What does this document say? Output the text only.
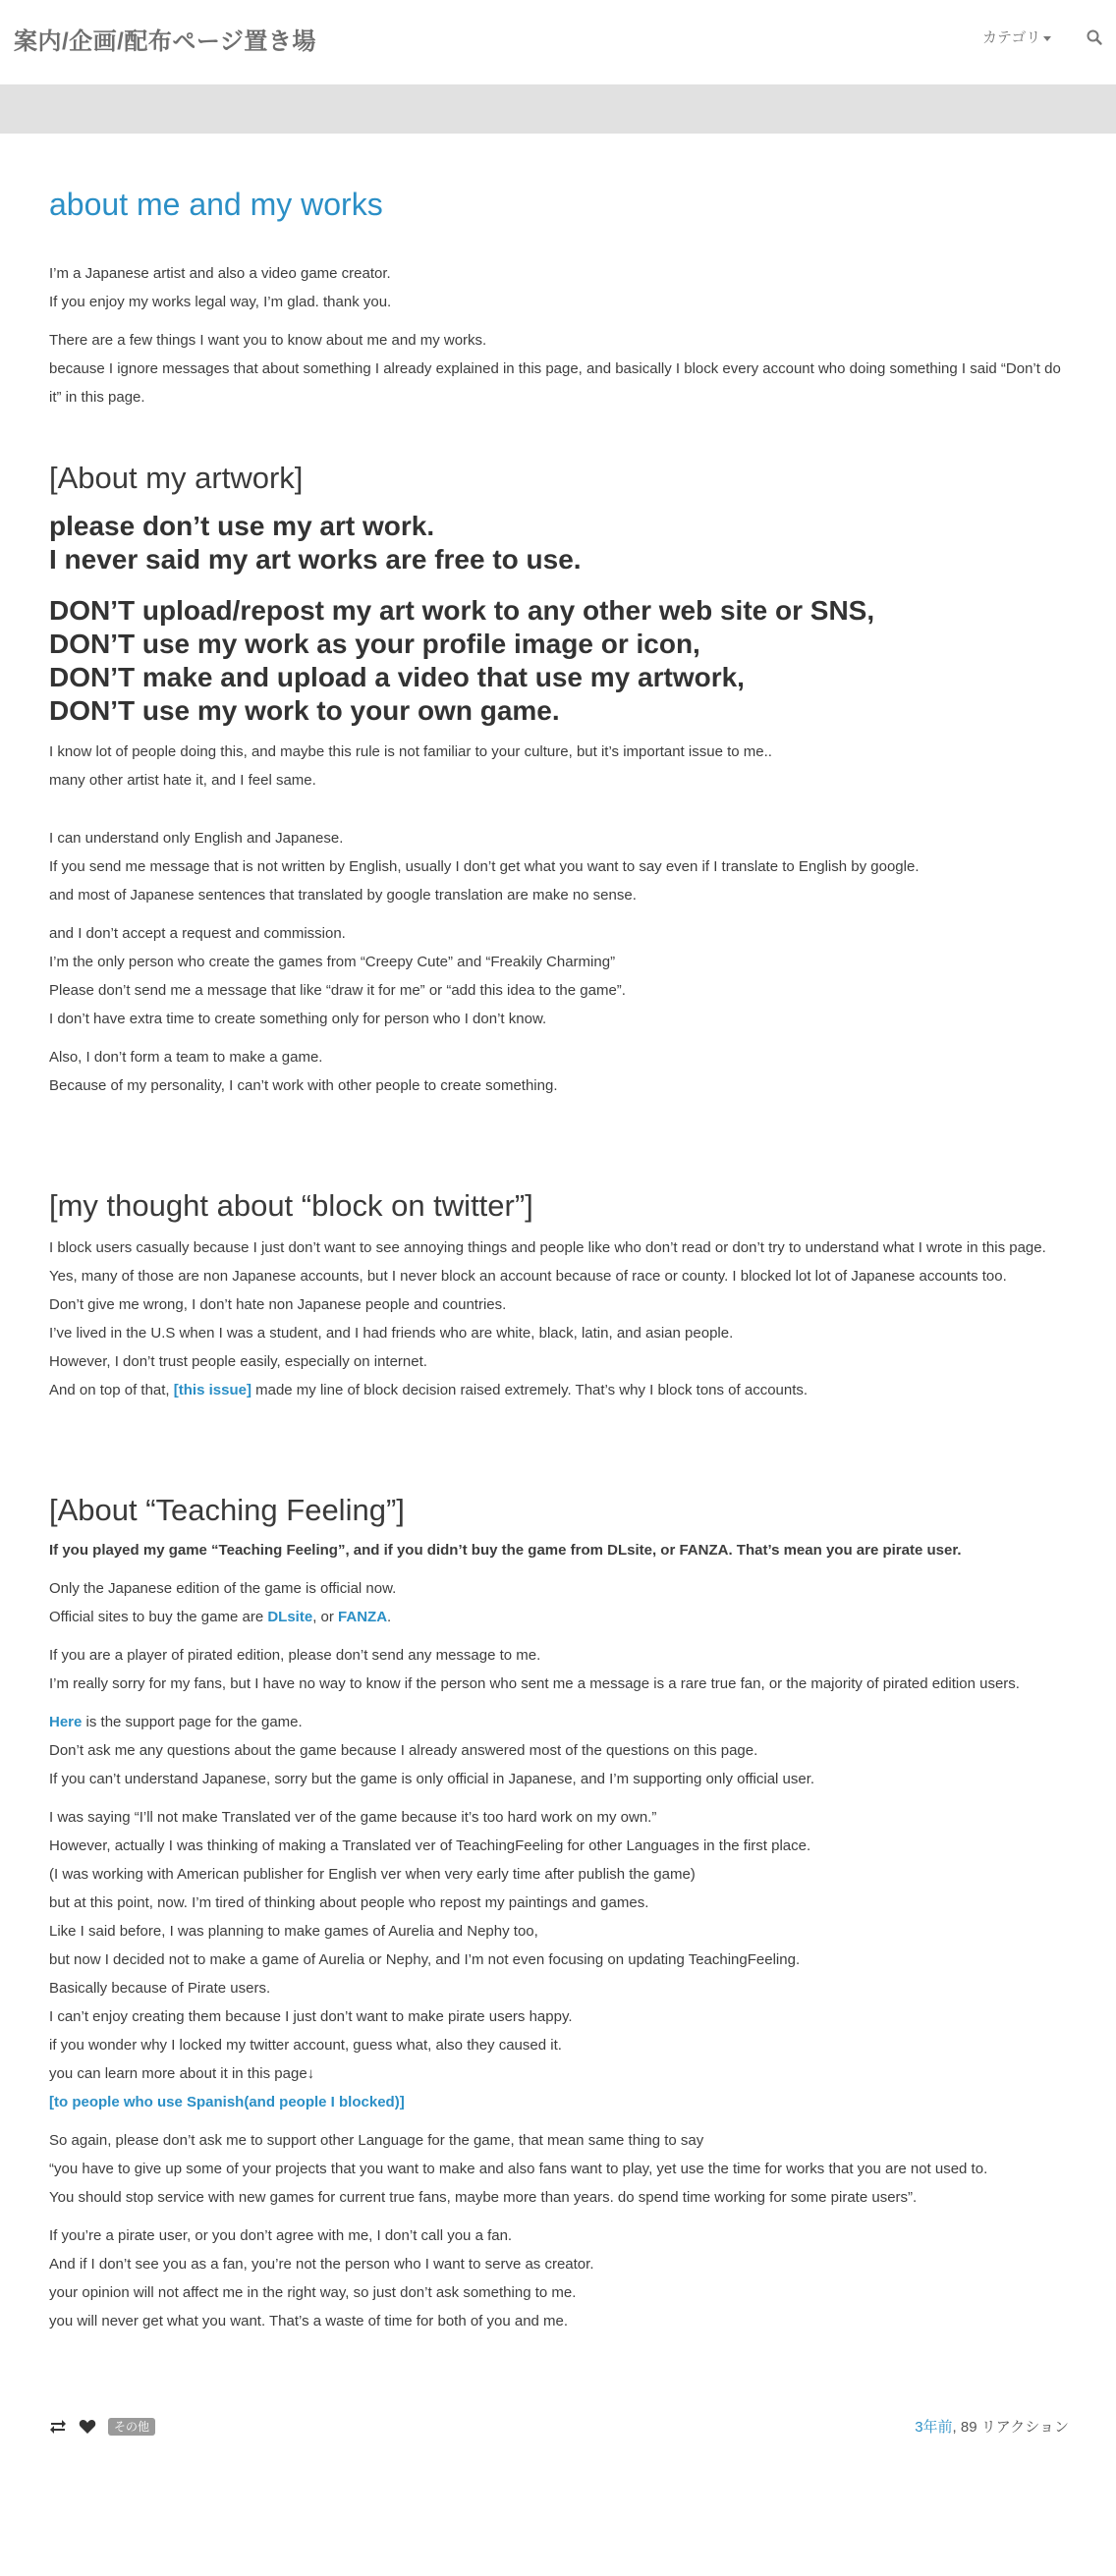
案内/企画/配布ページ置き場	カテゴリ
about me and my works

I’m a Japanese artist and also a video game creator.
If you enjoy my works legal way, I’m glad. thank you.

There are a few things I want you to know about me and my works.
because I ignore messages that about something I already explained in this page, and basically I block every account who doing something I said “Don’t do it” in this page.

[About my artwork]
please don’t use my art work.
I never said my art works are free to use.
DON’T upload/repost my art work to any other web site or SNS,
DON’T use my work as your profile image or icon,
DON’T make and upload a video that use my artwork,
DON’T use my work to your own game.

I know lot of people doing this, and maybe this rule is not familiar to your culture, but it’s important issue to me..
many other artist hate it, and I feel same.

I can understand only English and Japanese.
If you send me message that is not written by English, usually I don’t get what you want to say even if I translate to English by google.
and most of Japanese sentences that translated by google translation are make no sense.

and I don’t accept a request and commission.
I’m the only person who create the games from “Creepy Cute” and “Freakily Charming”
Please don’t send me a message that like “draw it for me” or “add this idea to the game”.
I don’t have extra time to create something only for person who I don’t know.

Also, I don’t form a team to make a game.
Because of my personality, I can’t work with other people to create something.

[my thought about “block on twitter”]

I block users casually because I just don’t want to see annoying things and people like who don’t read or don’t try to understand what I wrote in this page.
Yes, many of those are non Japanese accounts, but I never block an account because of race or county. I blocked lot lot of Japanese accounts too.
Don’t give me wrong, I don’t hate non Japanese people and countries.
I’ve lived in the U.S when I was a student, and I had friends who are white, black, latin, and asian people.
However, I don’t trust people easily, especially on internet.
And on top of that, [this issue] made my line of block decision raised extremely. That’s why I block tons of accounts.

[About “Teaching Feeling”]

If you played my game “Teaching Feeling”, and if you didn’t buy the game from DLsite, or FANZA. That’s mean you are pirate user.

Only the Japanese edition of the game is official now.
Official sites to buy the game are DLsite, or FANZA.

If you are a player of pirated edition, please don’t send any message to me.
I’m really sorry for my fans, but I have no way to know if the person who sent me a message is a rare true fan, or the majority of pirated edition users.

Here is the support page for the game.
Don’t ask me any questions about the game because I already answered most of the questions on this page.
If you can’t understand Japanese, sorry but the game is only official in Japanese, and I’m supporting only official user.

I was saying “I’ll not make Translated ver of the game because it’s too hard work on my own.”
However, actually I was thinking of making a Translated ver of TeachingFeeling for other Languages in the first place.
(I was working with American publisher for English ver when very early time after publish the game)
but at this point, now. I’m tired of thinking about people who repost my paintings and games.
Like I said before, I was planning to make games of Aurelia and Nephy too,
but now I decided not to make a game of Aurelia or Nephy, and I’m not even focusing on updating TeachingFeeling.
Basically because of Pirate users.
I can’t enjoy creating them because I just don’t want to make pirate users happy.
if you wonder why I locked my twitter account, guess what, also they caused it.
you can learn more about it in this page↓
[to people who use Spanish(and people I blocked)]

So again, please don’t ask me to support other Language for the game, that mean same thing to say
“you have to give up some of your projects that you want to make and also fans want to play, yet use the time for works that you are not used to.
You should stop service with new games for current true fans, maybe more than years. do spend time working for some pirate users”.

If you’re a pirate user, or you don’t agree with me, I don’t call you a fan.
And if I don’t see you as a fan, you’re not the person who I want to serve as creator.
your opinion will not affect me in the right way, so just don’t ask something to me.
you will never get what you want. That’s a waste of time for both of you and me.

その他	3年前, 89 リアクション
